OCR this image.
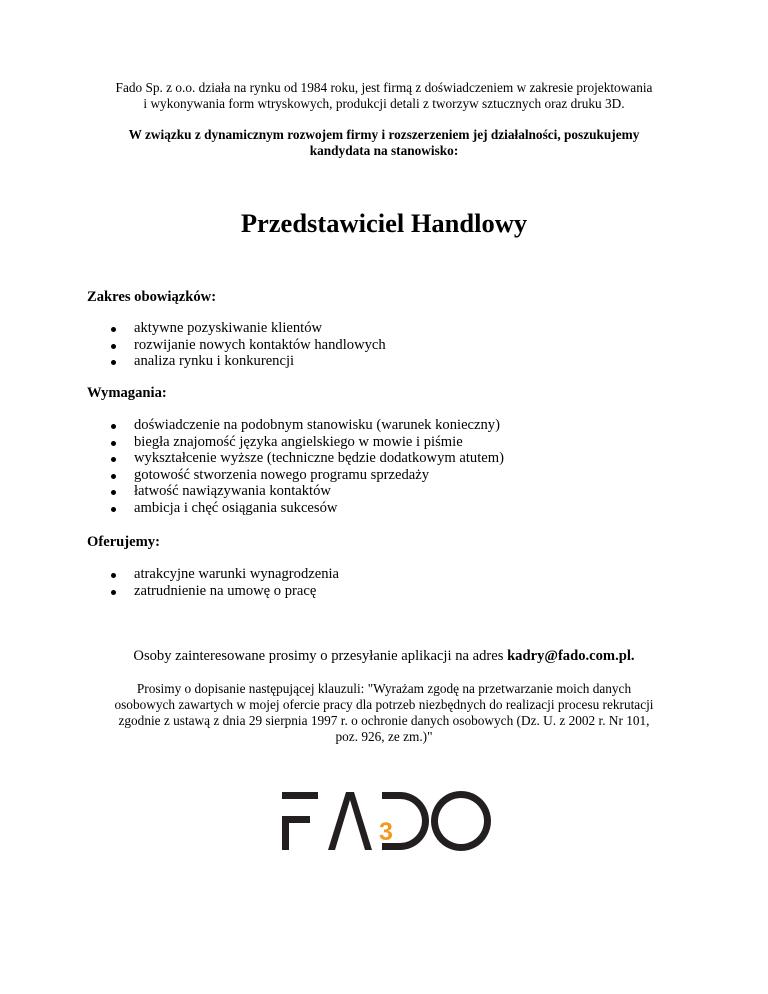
Fado Sp. z o.o. działa na rynku od 1984 roku, jest firmą z doświadczeniem w zakresie projektowania
i wykonywania form wtryskowych, produkcji detali z tworzyw sztucznych oraz druku 3D.
W związku z dynamicznym rozwojem firmy i rozszerzeniem jej działalności, poszukujemy
kandydata na stanowisko:
Przedstawiciel Handlowy
Zakres obowiązków:
aktywne pozyskiwanie klientów
rozwijanie nowych kontaktów handlowych
analiza rynku i konkurencji
Wymagania:
doświadczenie na podobnym stanowisku (warunek konieczny)
biegła znajomość języka angielskiego w mowie i piśmie
wykształcenie wyższe (techniczne będzie dodatkowym atutem)
gotowość stworzenia nowego programu sprzedaży
łatwość nawiązywania kontaktów
ambicja i chęć osiągania sukcesów
Oferujemy:
atrakcyjne warunki wynagrodzenia
zatrudnienie na umowę o pracę
Osoby zainteresowane prosimy o przesyłanie aplikacji na adres kadry@fado.com.pl.
Prosimy o dopisanie następującej klauzuli: "Wyrażam zgodę na przetwarzanie moich danych
osobowych zawartych w mojej ofercie pracy dla potrzeb niezbędnych do realizacji procesu rekrutacji
zgodnie z ustawą z dnia 29 sierpnia 1997 r. o ochronie danych osobowych (Dz. U. z 2002 r. Nr 101,
poz. 926, ze zm.)"
3
